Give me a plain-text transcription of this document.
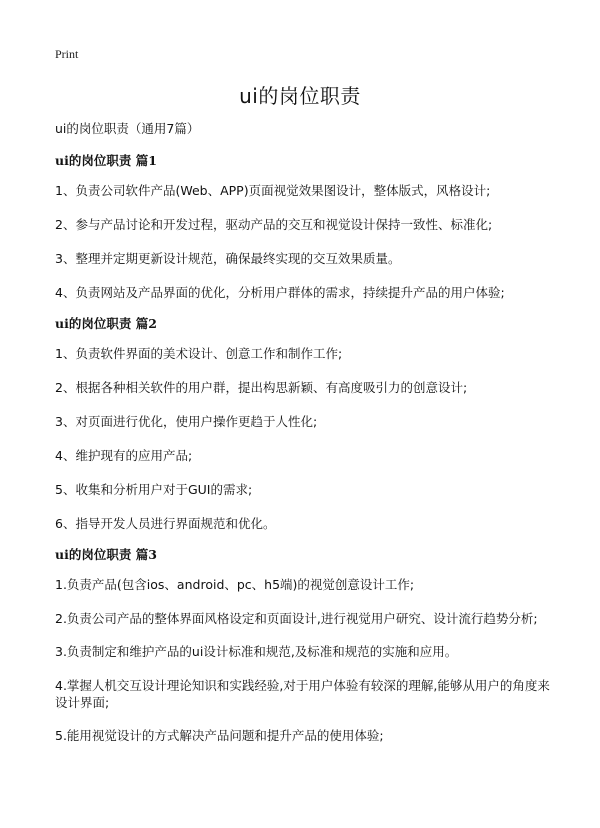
Print
ui的岗位职责
ui的岗位职责（通用7篇）
ui的岗位职责 篇1
1、负责公司软件产品(Web、APP)页面视觉效果图设计，整体版式，风格设计;
2、参与产品讨论和开发过程，驱动产品的交互和视觉设计保持一致性、标准化;
3、整理并定期更新设计规范，确保最终实现的交互效果质量。
4、负责网站及产品界面的优化，分析用户群体的需求，持续提升产品的用户体验;
ui的岗位职责 篇2
1、负责软件界面的美术设计、创意工作和制作工作;
2、根据各种相关软件的用户群，提出构思新颖、有高度吸引力的创意设计;
3、对页面进行优化，使用户操作更趋于人性化;
4、维护现有的应用产品;
5、收集和分析用户对于GUI的需求;
6、指导开发人员进行界面规范和优化。
ui的岗位职责 篇3
1.负责产品(包含ios、android、pc、h5端)的视觉创意设计工作;
2.负责公司产品的整体界面风格设定和页面设计,进行视觉用户研究、设计流行趋势分析;
3.负责制定和维护产品的ui设计标准和规范,及标准和规范的实施和应用。
4.掌握人机交互设计理论知识和实践经验,对于用户体验有较深的理解,能够从用户的角度来设计界面;
5.能用视觉设计的方式解决产品问题和提升产品的使用体验;
